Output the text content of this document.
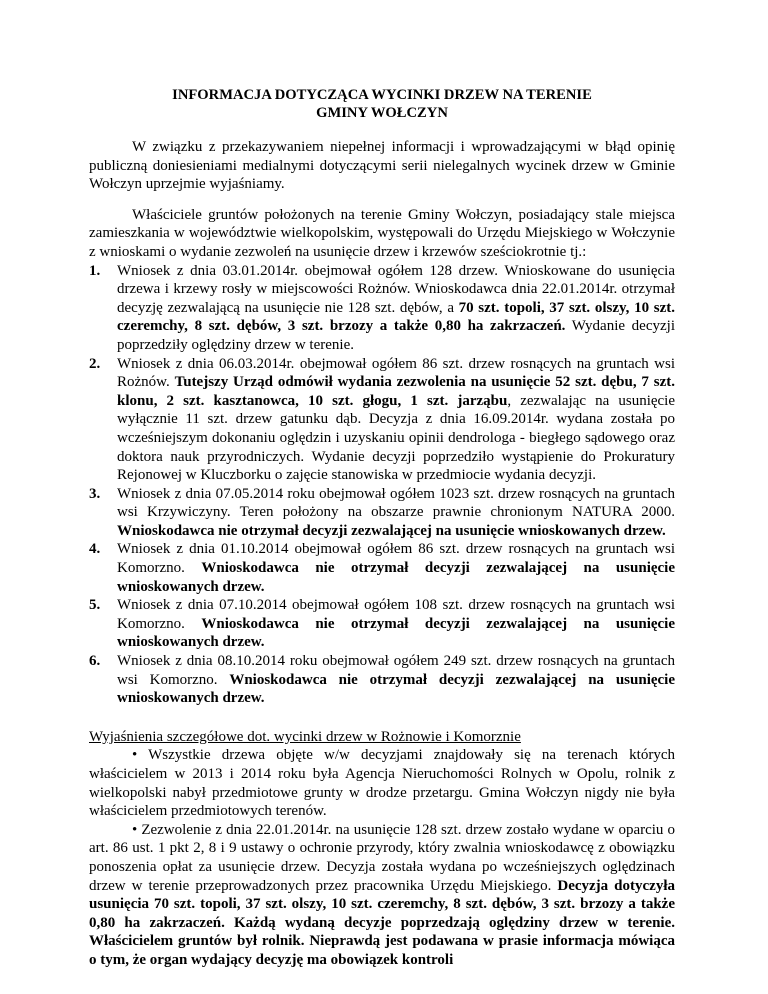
INFORMACJA DOTYCZĄCA WYCINKI DRZEW NA TERENIE GMINY WOŁCZYN

W związku z przekazywaniem niepełnej informacji i wprowadzającymi w błąd opinię publiczną doniesieniami medialnymi dotyczącymi serii nielegalnych wycinek drzew w Gminie Wołczyn uprzejmie wyjaśniamy.

Właściciele gruntów położonych na terenie Gminy Wołczyn, posiadający stale miejsca zamieszkania w województwie wielkopolskim, występowali do Urzędu Miejskiego w Wołczynie z wnioskami o wydanie zezwoleń na usunięcie drzew i krzewów sześciokrotnie tj.:

1. Wniosek z dnia 03.01.2014r. obejmował ogółem 128 drzew. Wnioskowane do usunięcia drzewa i krzewy rosły w miejscowości Rożnów. Wnioskodawca dnia 22.01.2014r. otrzymał decyzję zezwalającą na usunięcie nie 128 szt. dębów, a 70 szt. topoli, 37 szt. olszy, 10 szt. czeremchy, 8 szt. dębów, 3 szt. brzozy a także 0,80 ha zakrzaczeń. Wydanie decyzji poprzedziły oględziny drzew w terenie.
2. Wniosek z dnia 06.03.2014r. obejmował ogółem 86 szt. drzew rosnących na gruntach wsi Rożnów. Tutejszy Urząd odmówił wydania zezwolenia na usunięcie 52 szt. dębu, 7 szt. klonu, 2 szt. kasztanowca, 10 szt. głogu, 1 szt. jarząbu, zezwalając na usunięcie wyłącznie 11 szt. drzew gatunku dąb. Decyzja z dnia 16.09.2014r. wydana została po wcześniejszym dokonaniu oględzin i uzyskaniu opinii dendrologa - biegłego sądowego oraz doktora nauk przyrodniczych. Wydanie decyzji poprzedziło wystąpienie do Prokuratury Rejonowej w Kluczborku o zajęcie stanowiska w przedmiocie wydania decyzji.
3. Wniosek z dnia 07.05.2014 roku obejmował ogółem 1023 szt. drzew rosnących na gruntach wsi Krzywiczyny. Teren położony na obszarze prawnie chronionym NATURA 2000. Wnioskodawca nie otrzymał decyzji zezwalającej na usunięcie wnioskowanych drzew.
4. Wniosek z dnia 01.10.2014 obejmował ogółem 86 szt. drzew rosnących na gruntach wsi Komorzno. Wnioskodawca nie otrzymał decyzji zezwalającej na usunięcie wnioskowanych drzew.
5. Wniosek z dnia 07.10.2014 obejmował ogółem 108 szt. drzew rosnących na gruntach wsi Komorzno. Wnioskodawca nie otrzymał decyzji zezwalającej na usunięcie wnioskowanych drzew.
6. Wniosek z dnia 08.10.2014 roku obejmował ogółem 249 szt. drzew rosnących na gruntach wsi Komorzno. Wnioskodawca nie otrzymał decyzji zezwalającej na usunięcie wnioskowanych drzew.

Wyjaśnienia szczegółowe dot. wycinki drzew w Rożnowie i Komorznie

• Wszystkie drzewa objęte w/w decyzjami znajdowały się na terenach których właścicielem w 2013 i 2014 roku była Agencja Nieruchomości Rolnych w Opolu, rolnik z wielkopolski nabył przedmiotowe grunty w drodze przetargu. Gmina Wołczyn nigdy nie była właścicielem przedmiotowych terenów.

• Zezwolenie z dnia 22.01.2014r. na usunięcie 128 szt. drzew zostało wydane w oparciu o art. 86 ust. 1 pkt 2, 8 i 9 ustawy o ochronie przyrody, który zwalnia wnioskodawcę z obowiązku ponoszenia opłat za usunięcie drzew. Decyzja została wydana po wcześniejszych oględzinach drzew w terenie przeprowadzonych przez pracownika Urzędu Miejskiego. Decyzja dotyczyła usunięcia 70 szt. topoli, 37 szt. olszy, 10 szt. czeremchy, 8 szt. dębów, 3 szt. brzozy a także 0,80 ha zakrzaczeń. Każdą wydaną decyzje poprzedzają oględziny drzew w terenie. Właścicielem gruntów był rolnik. Nieprawdą jest podawana w prasie informacja mówiąca o tym, że organ wydający decyzję ma obowiązek kontroli
